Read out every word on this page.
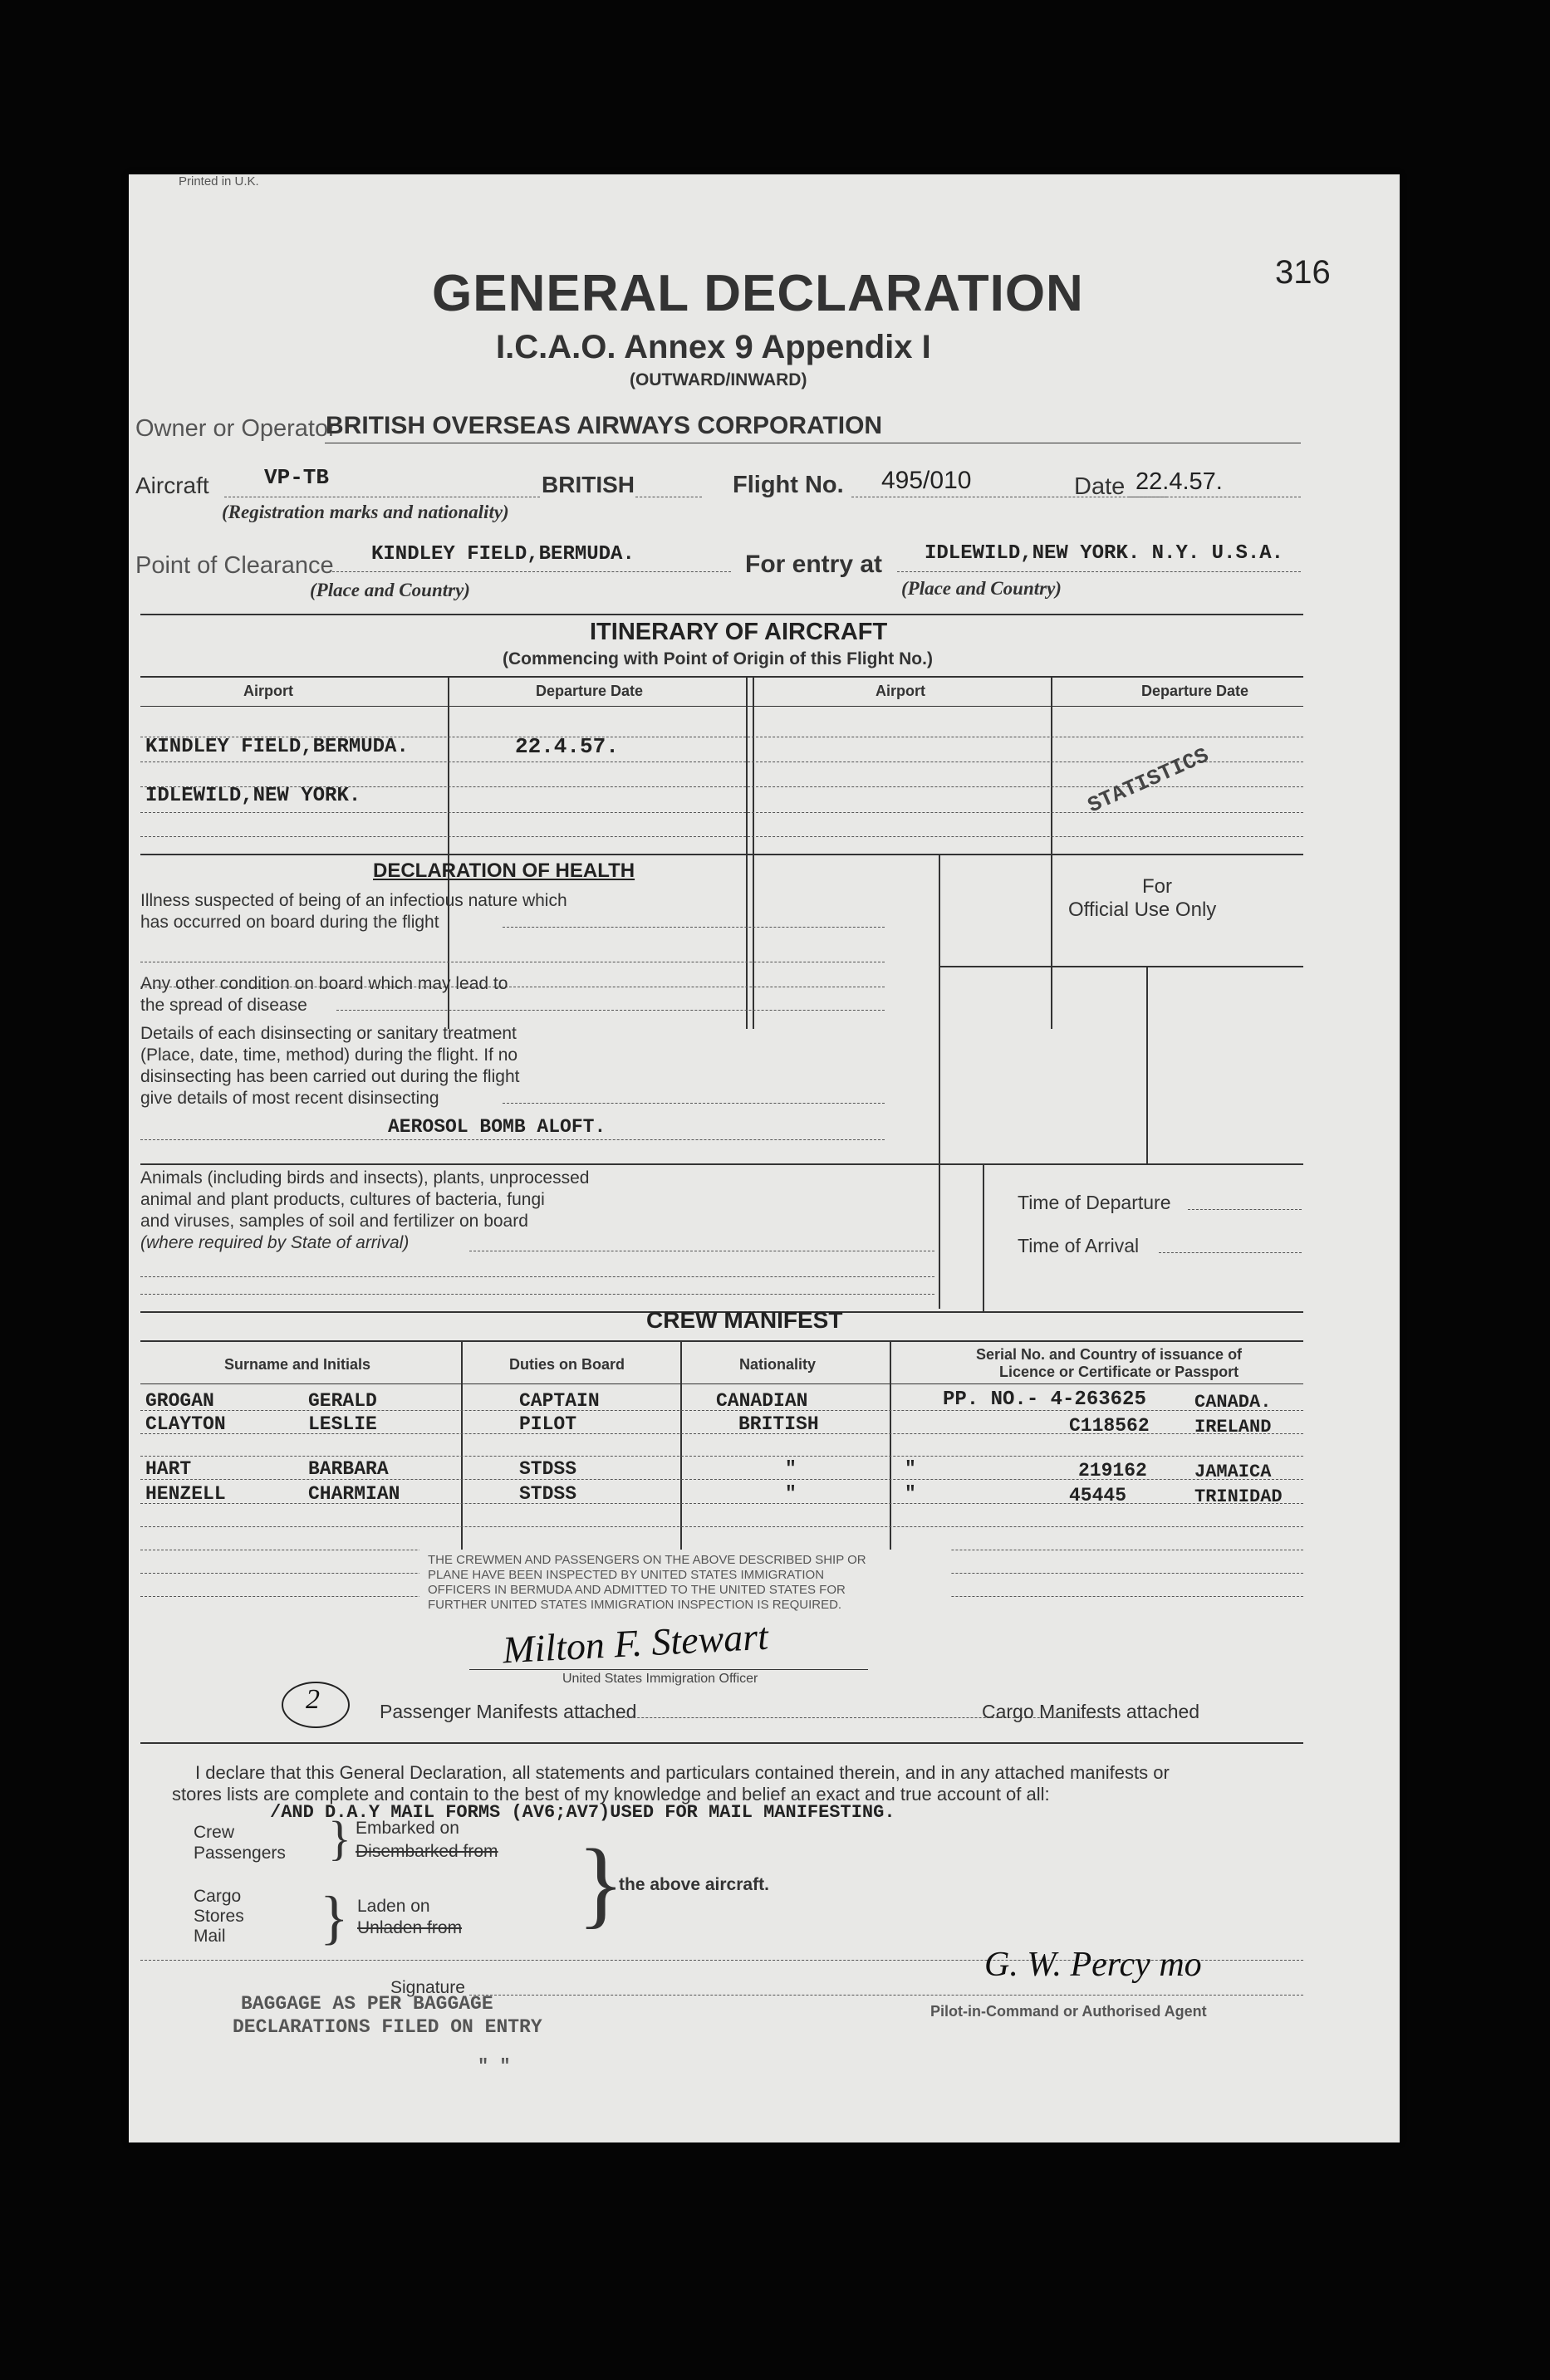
Printed in U.K.
GENERAL DECLARATION
I.C.A.O. Annex 9 Appendix I
(OUTWARD/INWARD)
316
Owner or Operator
BRITISH OVERSEAS AIRWAYS CORPORATION
Aircraft	VP-TB	BRITISH	Flight No. 495/010	Date 22.4.57.
(Registration marks and nationality)
Point of Clearance KINDLEY FIELD,BERMUDA.
(Place and Country)
For entry at IDLEWILD,NEW YORK. N.Y. U.S.A.
(Place and Country)
ITINERARY OF AIRCRAFT
(Commencing with Point of Origin of this Flight No.)
Airport	Departure Date	Airport	Departure Date
KINDLEY FIELD,BERMUDA.	22.4.57.
IDLEWILD,NEW YORK.	STATISTICS
DECLARATION OF HEALTH
Illness suspected of being of an infectious nature which
has occurred on board during the flight
Any other condition on board which may lead to
the spread of disease
Details of each disinsecting or sanitary treatment
(Place, date, time, method) during the flight. If no
disinsecting has been carried out during the flight
give details of most recent disinsecting
AEROSOL BOMB ALOFT.
For
Official Use Only
Animals (including birds and insects), plants, unprocessed
animal and plant products, cultures of bacteria, fungi
and viruses, samples of soil and fertilizer on board
(where required by State of arrival)
Time of Departure
Time of Arrival
CREW MANIFEST
Surname and Initials	Duties on Board	Nationality
Serial No. and Country of issuance of
Licence or Certificate or Passport
GROGAN	GERALD	CAPTAIN	CANADIAN	PP. NO.- 4-263625	CANADA.
CLAYTON	LESLIE	PILOT	BRITISH	C118562 IRELAND
HART	BARBARA	STDSS	"	"	219162	JAMAICA
HENZELL	CHARMIAN	STDSS	"	"	45445	TRINIDAD
THE CREWMEN AND PASSENGERS ON THE ABOVE DESCRIBED SHIP OR
PLANE HAVE BEEN INSPECTED BY UNITED STATES IMMIGRATION
OFFICERS IN BERMUDA AND ADMITTED TO THE UNITED STATES FOR
FURTHER UNITED STATES IMMIGRATION INSPECTION IS REQUIRED.
Milton F. Stewart
United States Immigration Officer
2	Passenger Manifests attached	Cargo Manifests attached
I declare that this General Declaration, all statements and particulars contained therein, and in any attached manifests or
stores lists are complete and contain to the best of my knowledge and belief an exact and true account of all:
/AND D.A.Y MAIL FORMS (AV6;AV7)USED FOR MAIL MANIFESTING.
Crew
Passengers } Embarked on
Disembarked from
Cargo
Stores
Mail } Laden on
Unladen from }
the above aircraft.
G. W. Percy mo
Signature
Pilot-in-Command or Authorised Agent
BAGGAGE AS PER BAGGAGE
DECLARATIONS FILED ON ENTRY
" "
